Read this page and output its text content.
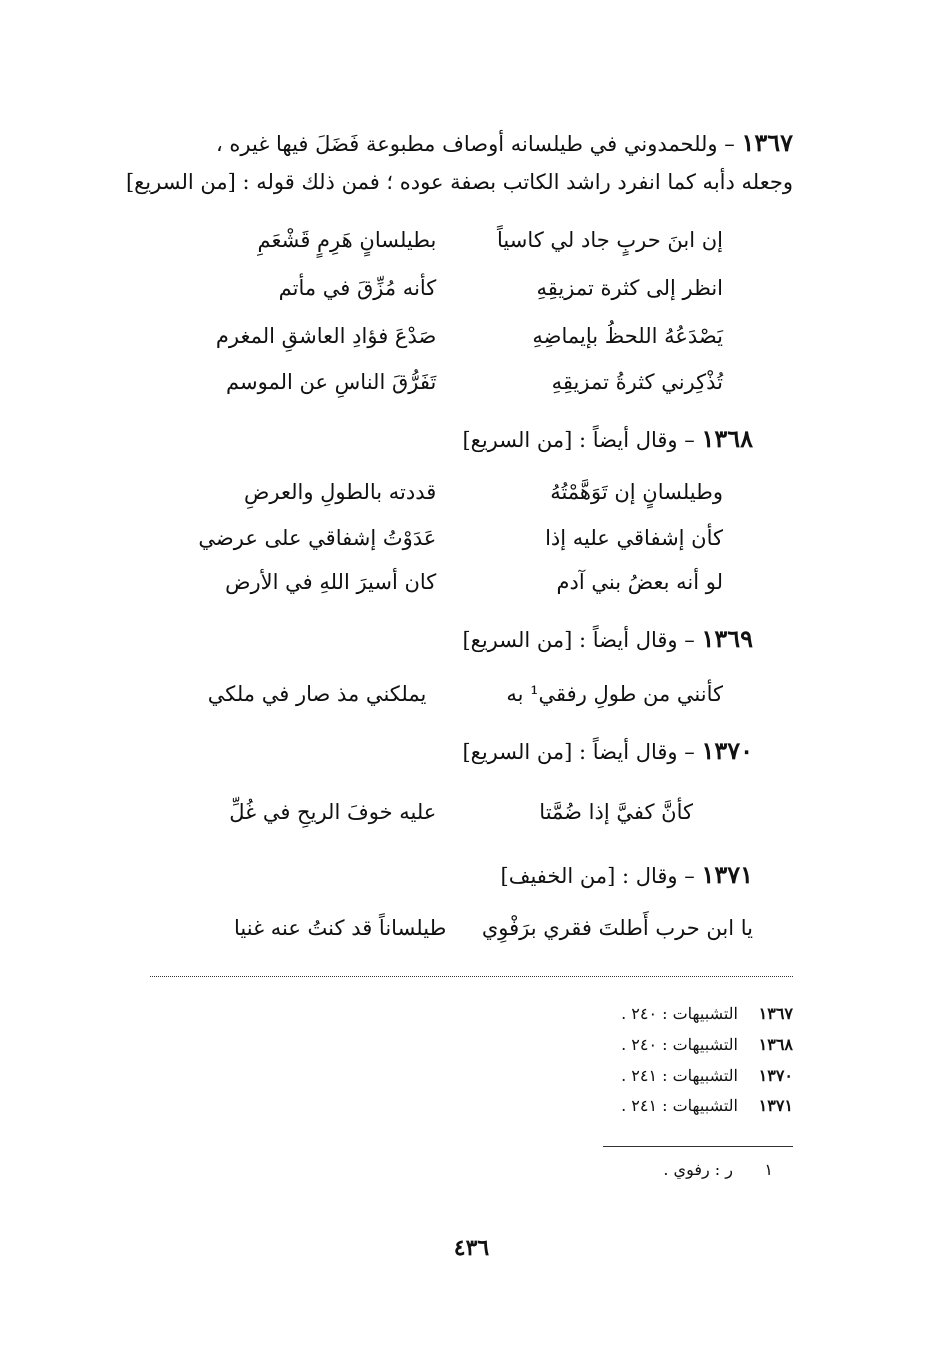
١٣٦٧ – وللحمدوني في طيلسانه أوصاف مطبوعة فَضَلَ فيها غيره ،
وجعله دأبه كما انفرد راشد الكاتب بصفة عوده ؛ فمن ذلك قوله : [من السريع]
إن ابنَ حربٍ جاد لي كاسياً بطيلسانٍ هَرِمٍ قَشْعَمِ
انظر إلى كثرة تمزيقِهِ كأنه مُزِّقَ في مأتم
يَصْدَعُهُ اللحظُ بإيماضِهِ صَدْعَ فؤادِ العاشقِ المغرم
تُذْكِرني كثرةُ تمزيقِهِ تَفَرُّقَ الناسِ عن الموسم
١٣٦٨ – وقال أيضاً : [من السريع]
وطيلسانٍ إن تَوَهَّمْتُهُ قددته بالطولِ والعرضِ
كأن إشفاقي عليه إذا عَدَوْتُ إشفاقي على عرضي
لو أنه بعضُ بني آدم كان أسيرَ اللهِ في الأرض
١٣٦٩ – وقال أيضاً : [من السريع]
كأنني من طولِ رفقي¹ به يملكني مذ صار في ملكي
١٣٧٠ – وقال أيضاً : [من السريع]
كأنَّ كفيَّ إذا ضُمَّتا عليه خوفَ الريحِ في غُلِّ
١٣٧١ – وقال : [من الخفيف]
يا ابن حرب أَطلتَ فقري برَفْوِي طيلساناً قد كنتُ عنه غنيا
١٣٦٧التشبيهات : ٢٤٠ .
١٣٦٨التشبيهات : ٢٤٠ .
١٣٧٠التشبيهات : ٢٤١ .
١٣٧١التشبيهات : ٢٤١ .
١ر : رفوي .
٤٣٦
